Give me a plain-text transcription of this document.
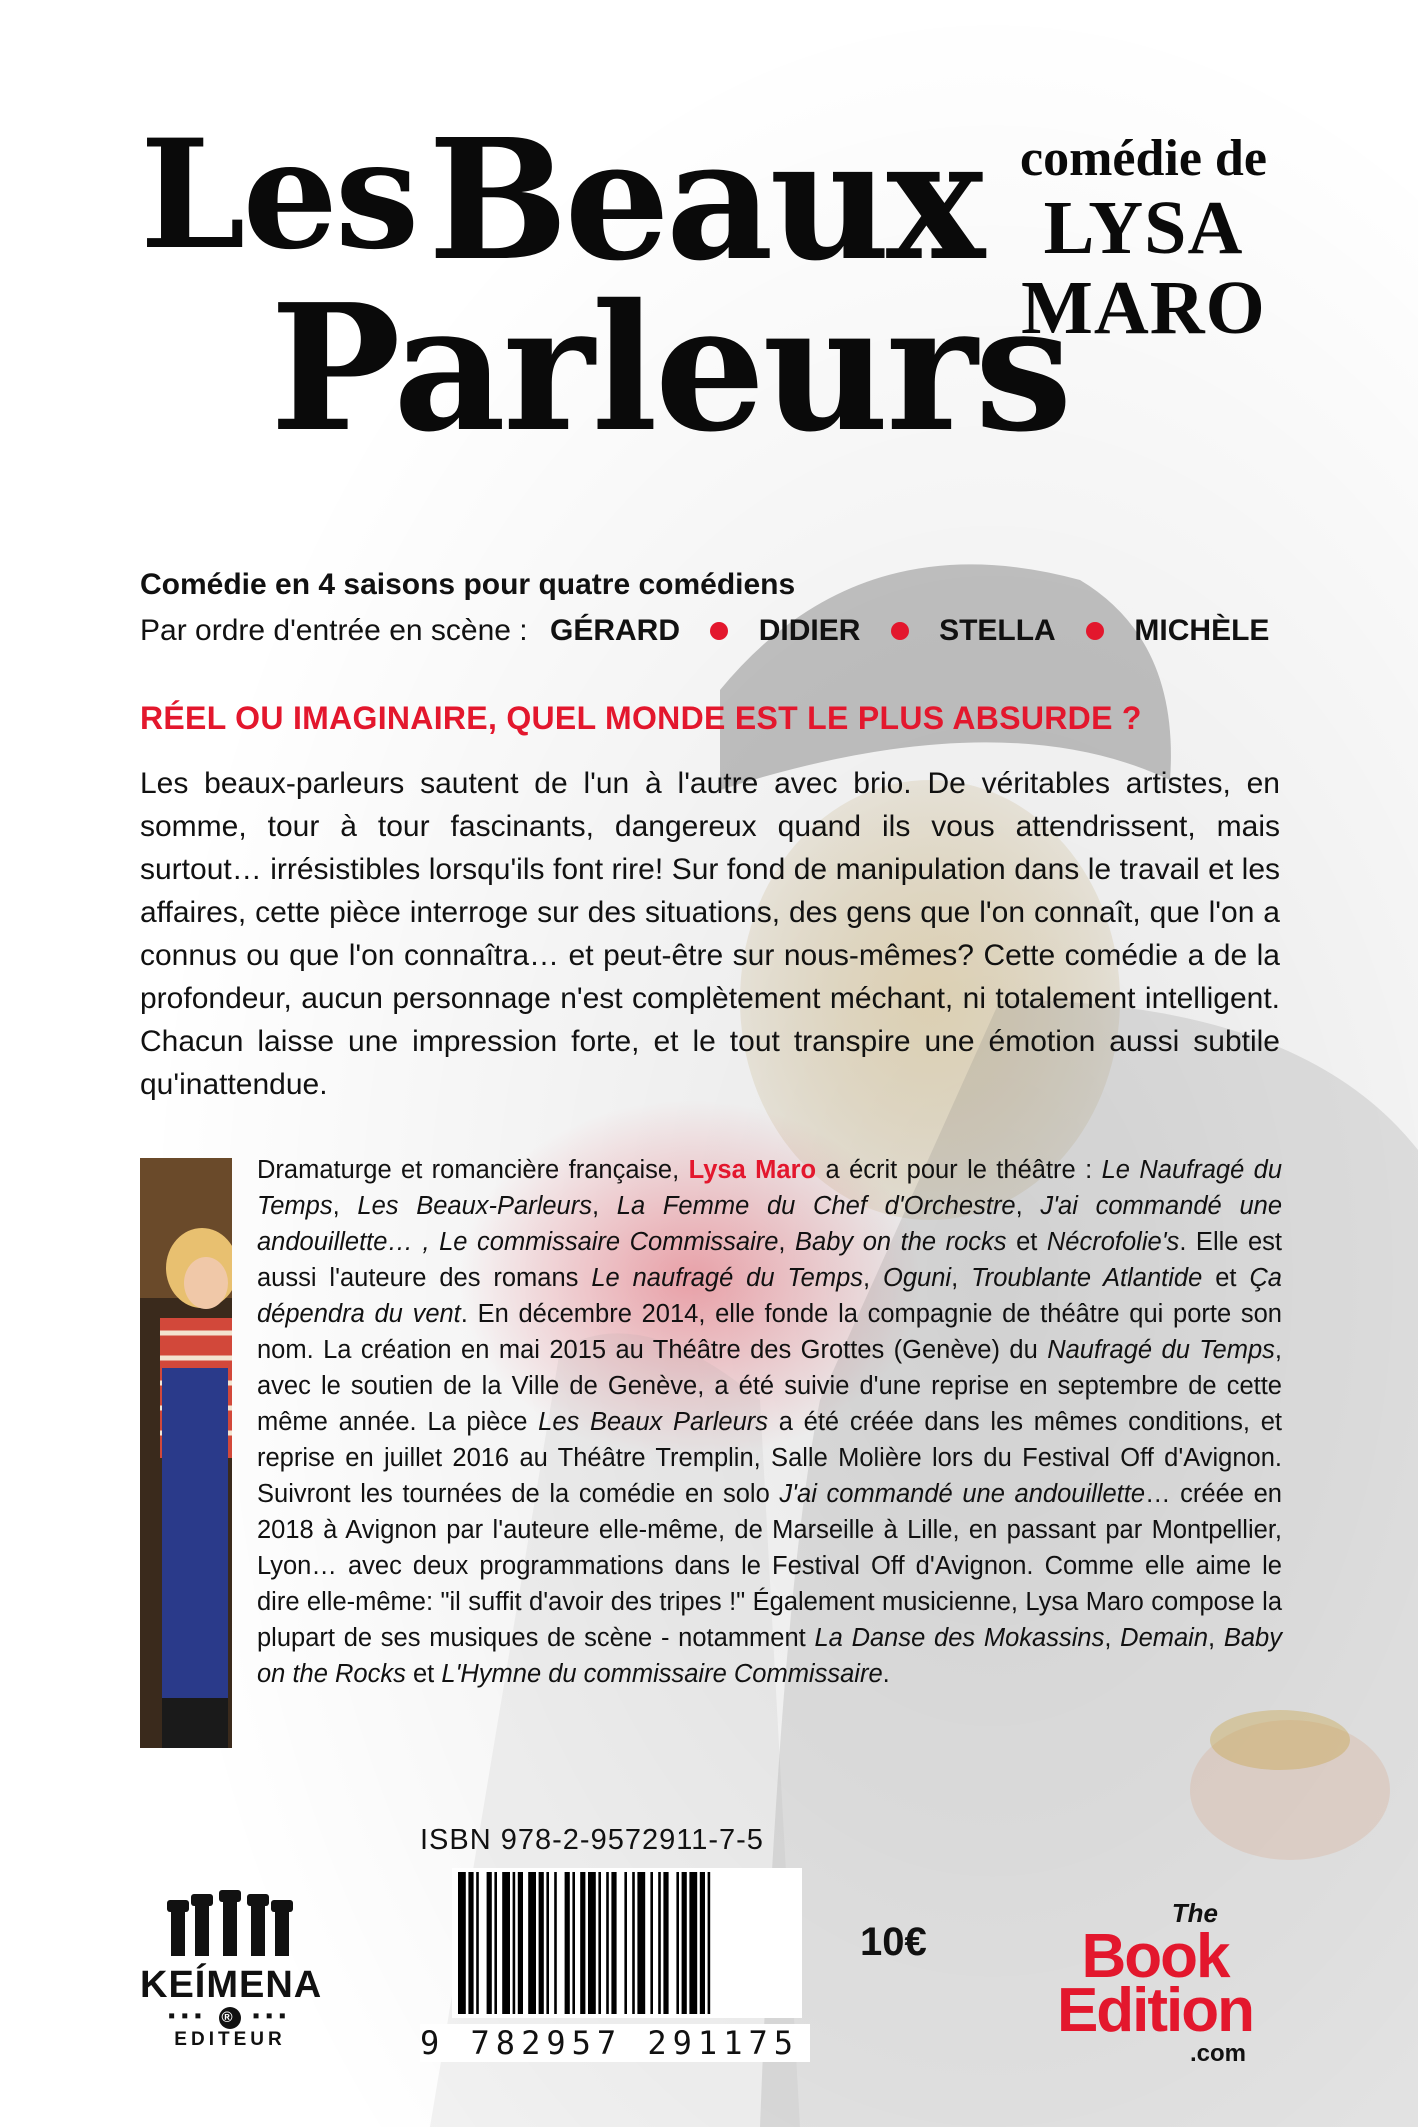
Les Beaux
Parleurs
comédie de
LYSA
MARO
Comédie en 4 saisons pour quatre comédiens
Par ordre d'entrée en scène : GÉRARD	DIDIER	STELLA	MICHÈLE
RÉEL OU IMAGINAIRE, QUEL MONDE EST LE PLUS ABSURDE ?
Les beaux-parleurs sautent de l'un à l'autre avec brio. De véritables artistes, en somme, tour à tour fascinants, dangereux quand ils vous attendrissent, mais surtout… irrésistibles lorsqu'ils font rire! Sur fond de manipulation dans le travail et les affaires, cette pièce interroge sur des situations, des gens que l'on connaît, que l'on a connus ou que l'on connaîtra… et peut-être sur nous-mêmes? Cette comédie a de la profondeur, aucun personnage n'est complètement méchant, ni totalement intelligent. Chacun laisse une impression forte, et le tout transpire une émotion aussi subtile qu'inattendue.
Dramaturge et romancière française, Lysa Maro a écrit pour le théâtre : Le Naufragé du Temps, Les Beaux-Parleurs, La Femme du Chef d'Orchestre, J'ai commandé une andouillette… , Le commissaire Commissaire, Baby on the rocks et Nécrofolie's. Elle est aussi l'auteure des romans Le naufragé du Temps, Oguni, Troublante Atlantide et Ça dépendra du vent. En décembre 2014, elle fonde la compagnie de théâtre qui porte son nom. La création en mai 2015 au Théâtre des Grottes (Genève) du Naufragé du Temps, avec le soutien de la Ville de Genève, a été suivie d'une reprise en septembre de cette même année. La pièce Les Beaux Parleurs a été créée dans les mêmes conditions, et reprise en juillet 2016 au Théâtre Tremplin, Salle Molière lors du Festival Off d'Avignon. Suivront les tournées de la comédie en solo J'ai commandé une andouillette… créée en 2018 à Avignon par l'auteure elle-même, de Marseille à Lille, en passant par Montpellier, Lyon… avec deux programmations dans le Festival Off d'Avignon. Comme elle aime le dire elle-même: "il suffit d'avoir des tripes !" Également musicienne, Lysa Maro compose la plupart de ses musiques de scène - notamment La Danse des Mokassins, Demain, Baby on the Rocks et L'Hymne du commissaire Commissaire.
ISBN 978-2-9572911-7-5
9 782957 291175
10€
KEÍMENA
▪▪▪ ® ▪▪▪
EDITEUR
The
Book
Edition
.com
